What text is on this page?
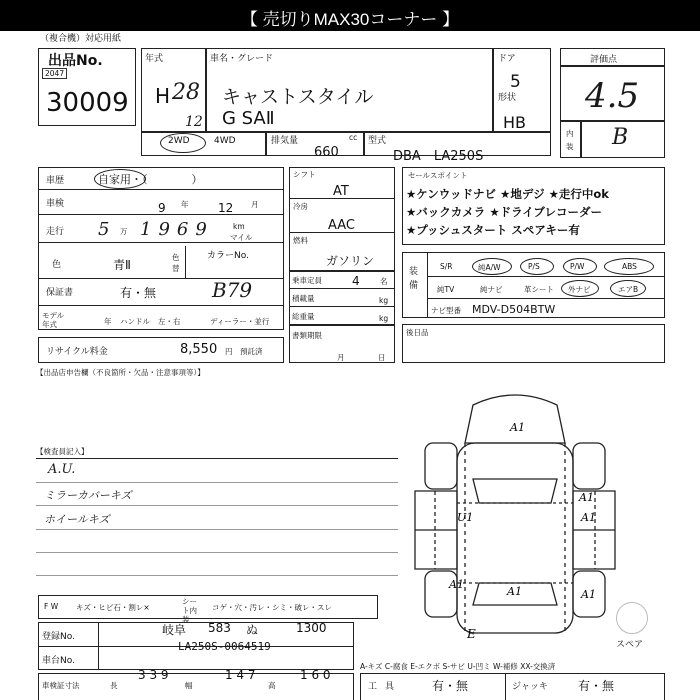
【 売切りMAX30コーナー 】
（複合機）対応用紙
出品No.
2047
30009
年式
H 28
12
2WD	4WD
車名・グレード
キャストスタイル
G SAⅡ
ドア
5
形状
HB
排気量	cc
660
型式
DBA　LA250S
評価点
4.5
内装 B
車歴	自家用・（　　　　）
車検	9 年 12 月
走行 5 万 1969	km
マイル
色	青Ⅱ
色替
カラーNo.
B79
保証書	有・無
モデル年式	年 ハンドル 左・右	ディーラー・並行
リサイクル料金	8,550 円 預託済
シフト
AT
冷房
AAC
燃料
ガソリン
乗車定員	4	名
積載量	kg
総重量	kg
書類期限
月	日
セールスポイント
★ケンウッドナビ ★地デジ ★走行中ok
★バックカメラ ★ドライブレコーダー
★プッシュスタート スペアキー有
装備
S/R	純A/W	P/S	P/W	ABS
純TV	純ナビ	革シート 外ナビ	エアB
ナビ型番 MDV-D504BTW
後日品
【出品店申告欄（不良箇所・欠品・注意事項等）】
【検査員記入】
A.U.
ミラーカバーキズ
ホイールキズ
A1
A1
A1
U1
A1
A1
A1
E
スペア
F W キズ・ヒビ石・割レ×
シート内装
コゲ・穴・汚レ・シミ・破レ・スレ
登録No.	岐阜 583 ぬ	1300
車台No.
LA250S-0064519
A-キズ C-腐食 E-エクボ S-サビ U-凹ミ W-補修 XX-交換済
車検証寸法	長
3 3 9
幅
1 4 7
高
1 6 0
工具 有・無	ジャッキ	有・無
